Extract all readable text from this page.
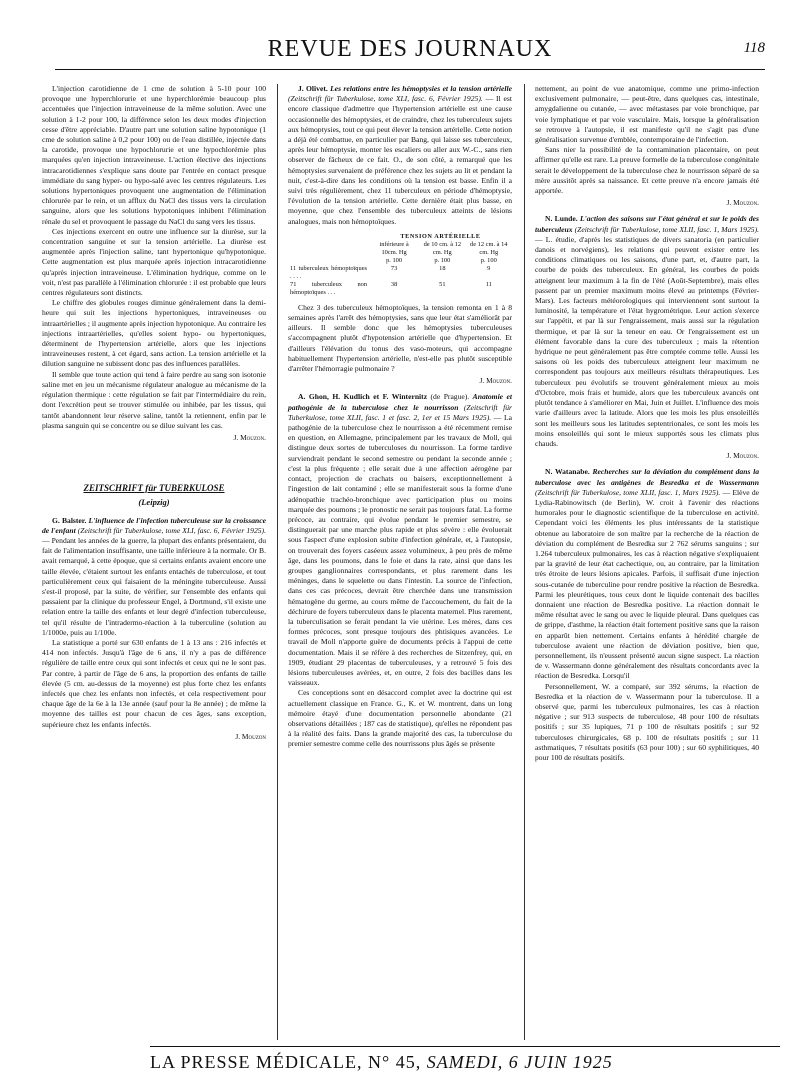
REVUE DES JOURNAUX	118

L'injection carotidienne de 1 cme de solution à 5-10 pour 100 provoque une hyperchlorurie et une hyperchlorémie beaucoup plus accentuées que l'injection intraveineuse de la même solution. Avec une solution à 1-2 pour 100, la différence selon les deux modes d'injection cesse d'être appréciable. D'autre part une solution saline hypotonique (1 cme de solution saline à 0,2 pour 100) ou de l'eau distillée, injectée dans la carotide, provoque une hypochlorurie et une hypochlorémie plus marquées qu'en injection intraveineuse. L'action élective des injections intracarotidiennes s'explique sans doute par l'entrée en contact presque immédiate du sang hyper- ou hypo-salé avec les centres régulateurs. Les solutions hypertoniques provoquent une augmentation de l'élimination chlorurée par le rein, et un afflux du NaCl des tissus vers la circulation sanguine, alors que les solutions hypotoniques inhibent l'élimination rénale du sel et provoquent le passage du NaCl du sang vers les tissus.

Ces injections exercent en outre une influence sur la diurèse, sur la concentration sanguine et sur la tension artérielle. La diurèse est augmentée après l'injection saline, tant hypertonique qu'hypotonique. Cette augmentation est plus marquée après injection intracarotidienne qu'après injection intraveineuse. L'élimination hydrique, comme on le voit, n'est pas parallèle à l'élimination chlorurée : il est probable que leurs centres régulateurs sont distincts.

Le chiffre des globules rouges diminue généralement dans la demi-heure qui suit les injections hypertoniques, intraveineuses ou intraartérielles ; il augmente après injection hypotonique. Au contraire les injections intraartérielles, qu'elles soient hypo- ou hypertoniques, déterminent de l'hypertension artérielle, alors que les injections intraveineuses restent, à cet égard, sans action. La tension artérielle et la dilution sanguine ne subissent donc pas des influences parallèles.

Il semble que toute action qui tend à faire perdre au sang son isotonie saline met en jeu un mécanisme régulateur analogue au mécanisme de la régulation thermique : cette régulation se fait par l'intermédiaire du rein, dont l'excrétion peut se trouver stimulée ou inhibée, par les tissus, qui tantôt abandonnent leur réserve saline, tantôt la retiennent, enfin par le plasma sanguin qui se concentre ou se dilue suivant les cas.

J. Mouzon.
ZEITSCHRIFT für TUBERKULOSE
(Leipzig)

G. Balster. L'influence de l'infection tuberculeuse sur la croissance de l'enfant (Zeitschrift für Tuberkulose, tome XLI, fasc. 6, Février 1925). — Pendant les années de la guerre, la plupart des enfants présentaient, du fait de l'alimentation insuffisante, une taille inférieure à la normale. Or B. avait remarqué, à cette époque, que si certains enfants avaient encore une taille élevée, c'étaient surtout les enfants entachés de tuberculose, et tout particulièrement ceux qui faisaient de la méningite tuberculeuse. Aussi s'est-il proposé, par la suite, de vérifier, sur l'ensemble des enfants qui passaient par la clinique du professeur Engel, à Dortmund, s'il existe une relation entre la taille des enfants et leur degré d'infection tuberculeuse, tel qu'il résulte de l'intradermo-réaction à la tuberculine (solution au 1/1000e, puis au 1/100e.

La statistique a porté sur 630 enfants de 1 à 13 ans : 216 infectés et 414 non infectés. Jusqu'à l'âge de 6 ans, il n'y a pas de différence régulière de taille entre ceux qui sont infectés et ceux qui ne le sont pas. Par contre, à partir de l'âge de 6 ans, la proportion des enfants de taille élevée (5 cm. au-dessus de la moyenne) est plus forte chez les enfants infectés que chez les enfants non infectés, et cela respectivement pour chaque âge de la 6e à la 13e année (sauf pour la 8e année) ; de même la moyenne des tailles est pour chacun de ces âges, sans exception, supérieure chez les enfants infectés.

J. Mouzon

J. Olivet. Les relations entre les hémoptysies et la tension artérielle (Zeitschrift für Tuberkulose, tome XLI, fasc. 6, Février 1925). — Il est encore classique d'admettre que l'hypertension artérielle est une cause occasionnelle des hémoptysies, et de craindre, chez les tuberculeux sujets aux hémoptysies, tout ce qui peut élever la tension artérielle. Cette notion a déjà été combattue, en particulier par Bang, qui laisse ses tuberculeux, après leur hémoptysie, monter les escaliers ou aller aux W.-C., sans rien observer de fâcheux de ce fait. O., de son côté, a remarqué que les hémoptysies survenaient de préférence chez les sujets au lit et pendant la nuit, c'est-à-dire dans les conditions où la tension est basse. Enfin il a suivi très régulièrement, chez 11 tuberculeux en période d'hémoptysie, l'évolution de la tension artérielle. Cette dernière était plus basse, en moyenne, que chez l'ensemble des tuberculeux atteints de lésions analogues, mais non hémoptoïques.

	TENSION ARTÉRIELLE		
	inférieure à 10cm. Hg	de 10 cm. à 12 cm. Hg	de 12 cm. à 14 cm. Hg
	p. 100	p. 100	p. 100
11 tuberculeux hémoptoïques . . . .	73	18	9
71 tuberculeux non hémoptoïques . . .	38	51	11

Chez 3 des tuberculeux hémoptoïques, la tension remonta en 1 à 8 semaines après l'arrêt des hémoptysies, sans que leur état s'améliorât par ailleurs. Il semble donc que les hémoptysies tuberculeuses s'accompagnent plutôt d'hypotension artérielle que d'hypertension. Et d'ailleurs l'élévation du tonus des vaso-moteurs, qui accompagne habituellement l'hypertension artérielle, n'est-elle pas plutôt susceptible d'arrêter l'hémorragie pulmonaire ?

J. Mouzon.

A. Ghon, H. Kudlich et F. Winternitz (de Prague). Anatomie et pathogénie de la tuberculose chez le nourrisson (Zeitschrift für Tuberkulose, tome XLII, fasc. 1 et fasc. 2, 1er et 15 Mars 1925). — La pathogénie de la tuberculose chez le nourrisson a été récemment remise en question, en Allemagne, principalement par les travaux de Moll, qui distingue deux sortes de tuberculoses du nourrisson. La forme tardive surviendrait pendant le second semestre ou pendant la seconde année ; c'est la plus fréquente ; elle serait due à une affection aérogène par contact, projection de crachats ou baisers, exceptionnellement à l'ingestion de lait contaminé ; elle se manifesterait sous la forme d'une adénopathie trachéo-bronchique avec participation plus ou moins marquée des poumons ; le pronostic ne serait pas toujours fatal. La forme précoce, au contraire, qui évolue pendant le premier semestre, se distinguerait par une marche plus rapide et plus sévère : elle évoluerait sous l'aspect d'une explosion subite d'infection générale, et, à l'autopsie, on trouverait des foyers caséeux assez volumineux, à peu près de même âge, dans les poumons, dans le foie et dans la rate, ainsi que dans les groupes ganglionnaires correspondants, et plus rarement dans les méninges, dans le squelette ou dans l'intestin. La source de l'infection, dans ces cas précoces, devrait être cherchée dans une transmission hématogène du germe, au cours même de l'accouchement, du fait de la déchirure de foyers tuberculeux dans le placenta maternel. Plus rarement, la tuberculisation se ferait pendant la vie utérine. Les mères, dans ces formes précoces, sont presque toujours des phtisiques avancées. Le travail de Moll n'apporte guère de documents précis à l'appui de cette documentation. Mais il se réfère à des recherches de Sitzenfrey, qui, en 1909, étudiant 29 placentas de tuberculeuses, y a retrouvé 5 fois des lésions tuberculeuses avérées, et, en outre, 2 fois des bacilles dans les vaisseaux.

Ces conceptions sont en désaccord complet avec la doctrine qui est actuellement classique en France. G., K. et W. montrent, dans un long mémoire étayé d'une documentation personnelle abondante (21 observations détaillées ; 187 cas de statistique), qu'elles ne répondent pas à la réalité des faits. Dans la grande majorité des cas, la tuberculose du premier semestre comme celle des nourrissons plus âgés se présente

nettement, au point de vue anatomique, comme une primo-infection exclusivement pulmonaire, — peut-être, dans quelques cas, intestinale, amygdalienne ou cutanée, — avec métastases par voie bronchique, par voie lymphatique et par voie vasculaire. Mais, lorsque la généralisation se retrouve à l'autopsie, il est manifeste qu'il ne s'agit pas d'une généralisation survenue d'emblée, contemporaine de l'infection.

Sans nier la possibilité de la contamination placentaire, on peut affirmer qu'elle est rare. La preuve formelle de la tuberculose congénitale serait le développement de la tuberculose chez le nourrisson séparé de sa mère aussitôt après sa naissance. Et cette preuve n'a encore jamais été apportée.

J. Mouzon.

N. Lunde. L'action des saisons sur l'état général et sur le poids des tuberculeux (Zeitschrift für Tuberkulose, tome XLII, fasc. 1, Mars 1925). — L. étudie, d'après les statistiques de divers sanatoria (en particulier danois et norvégiens), les relations qui peuvent exister entre les conditions climatiques ou les saisons, d'une part, et, d'autre part, la courbe de poids des tuberculeux. En général, les courbes de poids atteignent leur maximum à la fin de l'été (Août-Septembre), mais elles passent par un premier maximum moins élevé au printemps (Février-Mars). Les facteurs météorologiques qui interviennent sont surtout la luminosité, la température et l'état hygrométrique. Leur action s'exerce sur l'appétit, et par là sur l'engraissement, mais aussi sur la régulation thermique, et par là sur la teneur en eau. Or l'engraissement est un élément favorable dans la cure des tuberculeux ; mais la rétention hydrique ne peut généralement pas être comptée comme telle. Aussi les saisons où les poids des tuberculeux atteignent leur maximum ne correspondent pas toujours aux meilleurs résultats thérapeutiques. Les tuberculeux peu évolutifs se trouvent généralement mieux au mois d'Octobre, mois frais et humide, alors que les tuberculeux avancés ont plutôt tendance à s'améliorer en Mai, Juin et Juillet. L'influence des mois varie d'ailleurs avec la latitude. Alors que les mois les plus ensoleillés sont les meilleurs sous les latitudes septentrionales, ce sont les mois les moins ensoleillés qui sont le mieux supportés sous les climats plus chauds.

J. Mouzon.

N. Watanabe. Recherches sur la déviation du complément dans la tuberculose avec les antigènes de Besredka et de Wassermann (Zeitschrift für Tuberkulose, tome XLII, fasc. 1, Mars 1925). — Elève de Lydia-Rabinowitsch (de Berlin), W. croit à l'avenir des réactions humorales pour le diagnostic scientifique de la tuberculose en activité. Cependant voici les éléments les plus intéressants de la statistique obtenue au laboratoire de son maître par la recherche de la réaction de déviation du complément de Besredka sur 2 762 sérums sanguins ; sur 1.264 tuberculeux pulmonaires, les cas à réaction négative s'expliquaient par la gravité de leur état cachectique, ou, au contraire, par la limitation très étroite de leurs lésions apicales. Parfois, il suffisait d'une injection sous-cutanée de tuberculine pour rendre positive la réaction de Besredka. Parmi les pleurétiques, tous ceux dont le liquide contenait des bacilles donnaient une réaction de Besredka positive. La réaction donnait le même résultat avec le sang ou avec le liquide pleural. Dans quelques cas de grippe, d'asthme, la réaction était fortement positive sans que la raison en apparût bien nettement. Certains enfants à hérédité chargée de tuberculose avaient une réaction de déviation positive, bien que, personnellement, ils n'eussent présenté aucun signe suspect. La réaction de v. Wassermann donne généralement des résultats concordants avec la réaction de Besredka. Lorsqu'il

Personnellement, W. a comparé, sur 392 sérums, la réaction de Besredka et la réaction de v. Wassermann pour la tuberculose. Il a observé que, parmi les tuberculeux pulmonaires, les cas à réaction négative ; sur 913 suspects de tuberculose, 48 pour 100 de résultats positifs ; sur 35 lupiques, 71 p 100 de résultats positifs ; sur 92 tuberculoses chirurgicales, 68 p. 100 de résultats positifs ; sur 11 asthmatiques, 7 résultats positifs (63 pour 100) ; sur 60 syphilitiques, 40 pour 100 de résultats positifs.

LA PRESSE MÉDICALE, N° 45, SAMEDI, 6 JUIN 1925
